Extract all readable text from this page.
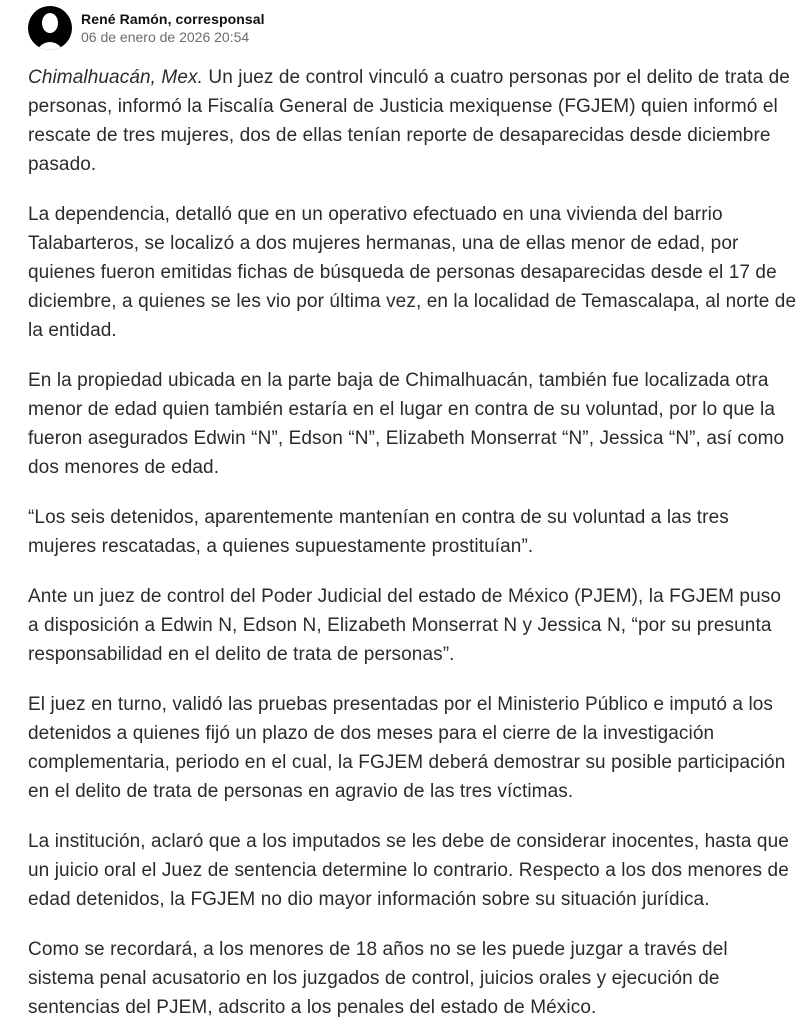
René Ramón, corresponsal
06 de enero de 2026 20:54

Chimalhuacán, Mex. Un juez de control vinculó a cuatro personas por el delito de trata de personas, informó la Fiscalía General de Justicia mexiquense (FGJEM) quien informó el rescate de tres mujeres, dos de ellas tenían reporte de desaparecidas desde diciembre pasado.

La dependencia, detalló que en un operativo efectuado en una vivienda del barrio Talabarteros, se localizó a dos mujeres hermanas, una de ellas menor de edad, por quienes fueron emitidas fichas de búsqueda de personas desaparecidas desde el 17 de diciembre, a quienes se les vio por última vez, en la localidad de Temascalapa, al norte de la entidad.

En la propiedad ubicada en la parte baja de Chimalhuacán, también fue localizada otra menor de edad quien también estaría en el lugar en contra de su voluntad, por lo que la fueron asegurados Edwin “N”, Edson “N”, Elizabeth Monserrat “N”, Jessica “N”, así como dos menores de edad.

“Los seis detenidos, aparentemente mantenían en contra de su voluntad a las tres mujeres rescatadas, a quienes supuestamente prostituían”.

Ante un juez de control del Poder Judicial del estado de México (PJEM), la FGJEM puso a disposición a Edwin N, Edson N, Elizabeth Monserrat N y Jessica N, “por su presunta responsabilidad en el delito de trata de personas”.

El juez en turno, validó las pruebas presentadas por el Ministerio Público e imputó a los detenidos a quienes fijó un plazo de dos meses para el cierre de la investigación complementaria, periodo en el cual, la FGJEM deberá demostrar su posible participación en el delito de trata de personas en agravio de las tres víctimas.

La institución, aclaró que a los imputados se les debe de considerar inocentes, hasta que un juicio oral el Juez de sentencia determine lo contrario. Respecto a los dos menores de edad detenidos, la FGJEM no dio mayor información sobre su situación jurídica.

Como se recordará, a los menores de 18 años no se les puede juzgar a través del sistema penal acusatorio en los juzgados de control, juicios orales y ejecución de sentencias del PJEM, adscrito a los penales del estado de México.
